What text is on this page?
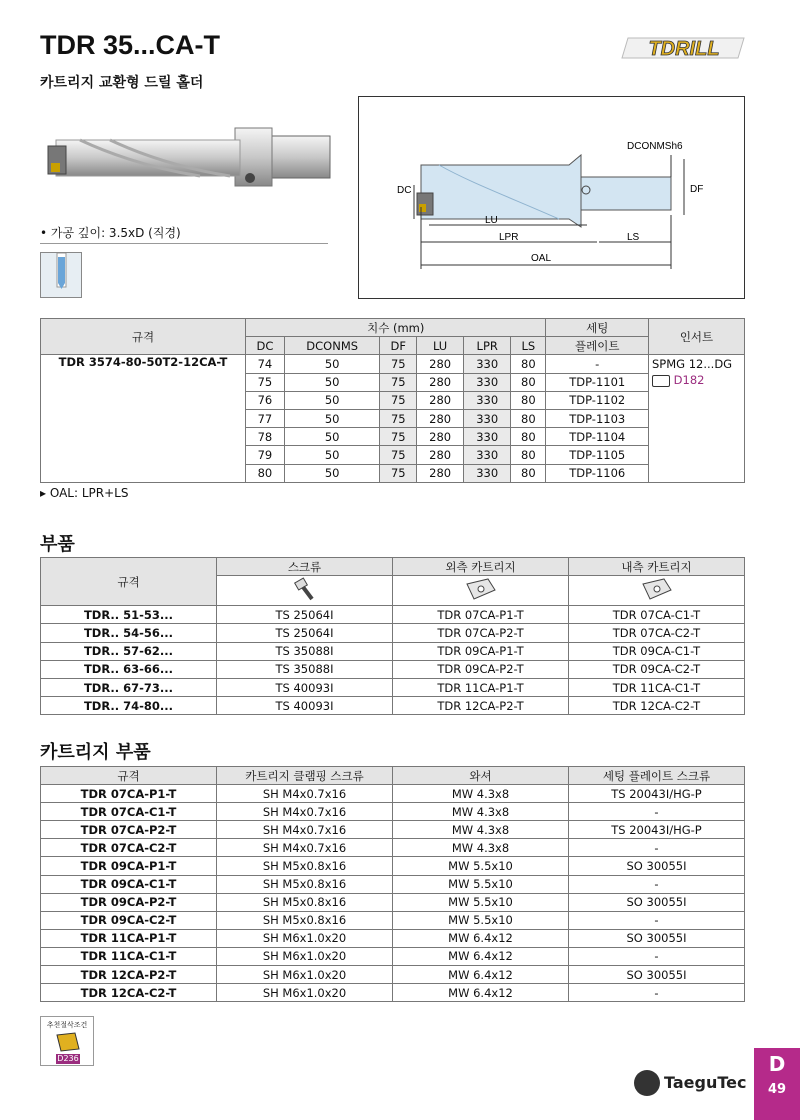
TDR 35...CA-T
카트리지 교환형 드릴 홀더
TDRILL
• 가공 깊이: 3.5xD (직경)
DC	DF
DCONMSh6
LU
LPR	LS
OAL
규격	치수 (mm)						세팅	인서트
	DC	DCONMS	DF	LU	LPR	LS	플레이트	
TDR 3574-80-50T2-12CA-T	74	50	75	280	330	80	-	SPMG 12...DG
D182

	75	50	75	280	330	80	TDP-1101	
	76	50	75	280	330	80	TDP-1102	
	77	50	75	280	330	80	TDP-1103	
	78	50	75	280	330	80	TDP-1104	
	79	50	75	280	330	80	TDP-1105	
	80	50	75	280	330	80	TDP-1106	
▸ OAL: LPR+LS
부품
규격	스크류	외측 카트리지	내측 카트리지

TDR.. 51-53...	TS 25064I	TDR 07CA-P1-T	TDR 07CA-C1-T
TDR.. 54-56...	TS 25064I	TDR 07CA-P2-T	TDR 07CA-C2-T
TDR.. 57-62...	TS 35088I	TDR 09CA-P1-T	TDR 09CA-C1-T
TDR.. 63-66...	TS 35088I	TDR 09CA-P2-T	TDR 09CA-C2-T
TDR.. 67-73...	TS 40093I	TDR 11CA-P1-T	TDR 11CA-C1-T
TDR.. 74-80...	TS 40093I	TDR 12CA-P2-T	TDR 12CA-C2-T
카트리지 부품
규격	카트리지 클램핑 스크류	와셔	세팅 플레이트 스크류
TDR 07CA-P1-T	SH M4x0.7x16	MW 4.3x8	TS 20043I/HG-P
TDR 07CA-C1-T	SH M4x0.7x16	MW 4.3x8	-
TDR 07CA-P2-T	SH M4x0.7x16	MW 4.3x8	TS 20043I/HG-P
TDR 07CA-C2-T	SH M4x0.7x16	MW 4.3x8	-
TDR 09CA-P1-T	SH M5x0.8x16	MW 5.5x10	SO 30055I
TDR 09CA-C1-T	SH M5x0.8x16	MW 5.5x10	-
TDR 09CA-P2-T	SH M5x0.8x16	MW 5.5x10	SO 30055I
TDR 09CA-C2-T	SH M5x0.8x16	MW 5.5x10	-
TDR 11CA-P1-T	SH M6x1.0x20	MW 6.4x12	SO 30055I
TDR 11CA-C1-T	SH M6x1.0x20	MW 6.4x12	-
TDR 12CA-P2-T	SH M6x1.0x20	MW 6.4x12	SO 30055I
TDR 12CA-C2-T	SH M6x1.0x20	MW 6.4x12	-
추천절삭조건
D236
TaeguTec
D
49
